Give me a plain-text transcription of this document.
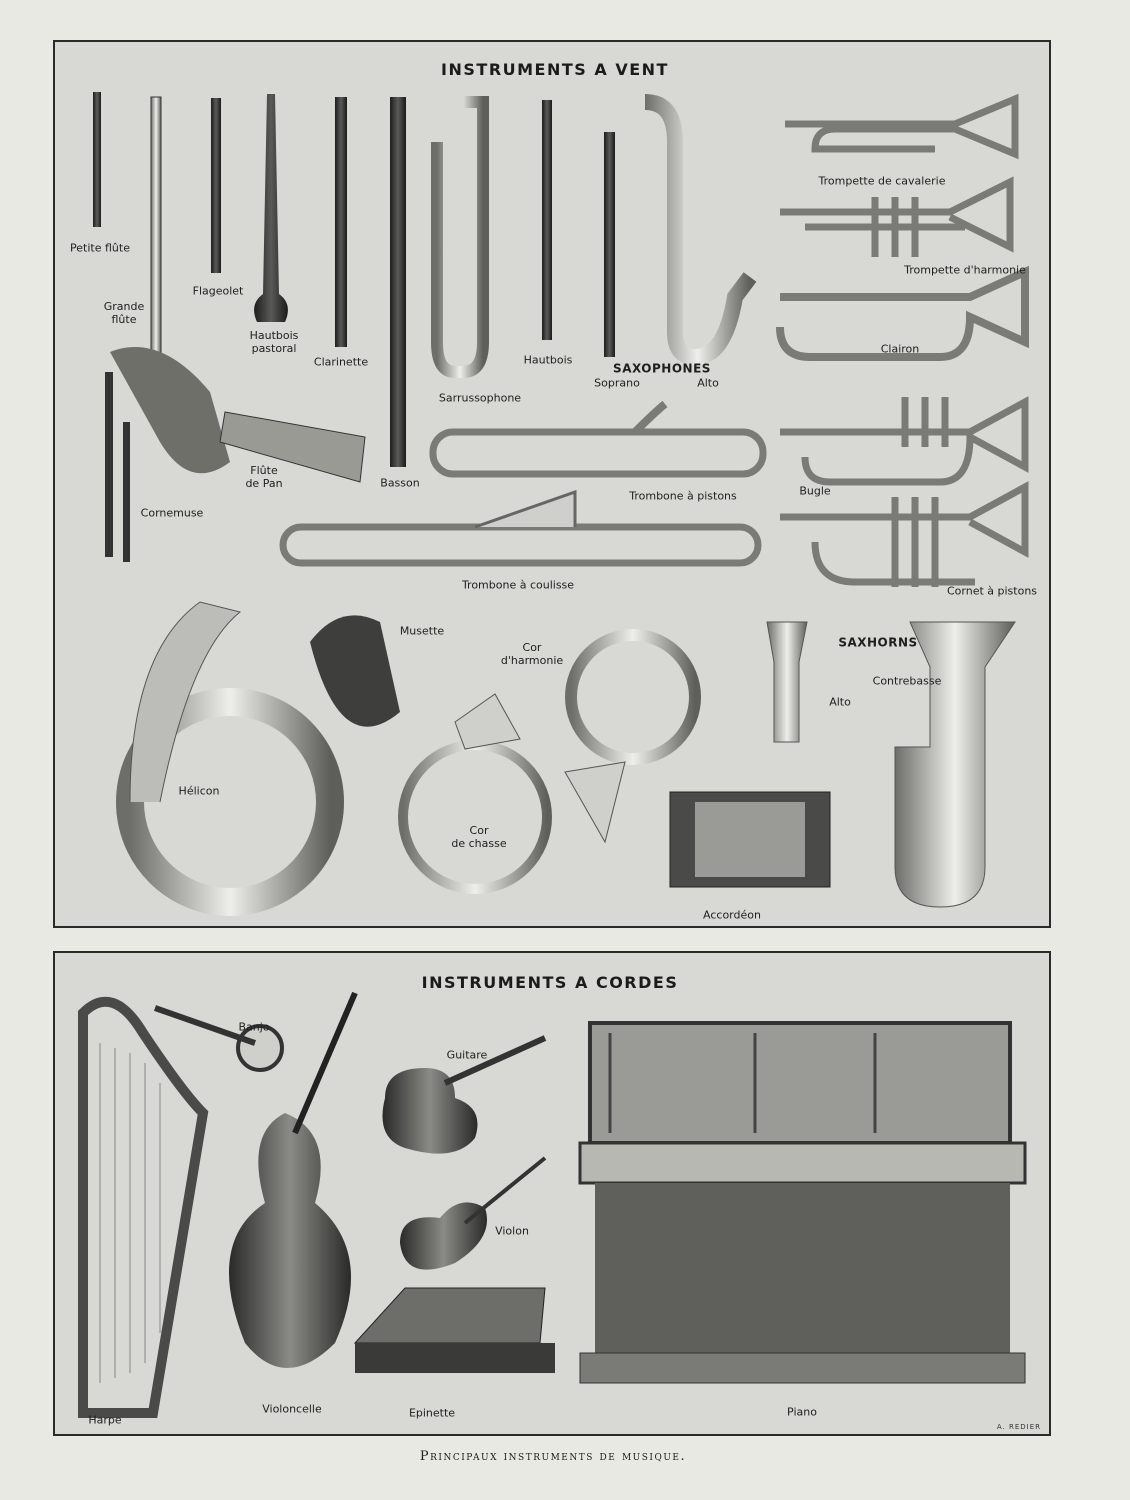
INSTRUMENTS A VENT
Petite flûte
Grande
flûte
Flageolet
Hautbois
pastoral
Clarinette
Basson
Sarrussophone
Hautbois
SAXOPHONES
Soprano	Alto
Trompette de cavalerie
Trompette d'harmonie
Clairon
Bugle
Trombone à pistons
Flûte
de Pan
Cornemuse
Trombone à coulisse	Cornet à pistons
Musette
Cor
d'harmonie
SAXHORNS
Contrebasse
Alto
Hélicon
Cor
de chasse
Accordéon
INSTRUMENTS A CORDES
Banjo
Guitare
Violon
Harpe
Violoncelle	Epinette	Piano
A. REDIER
Principaux instruments de musique.
